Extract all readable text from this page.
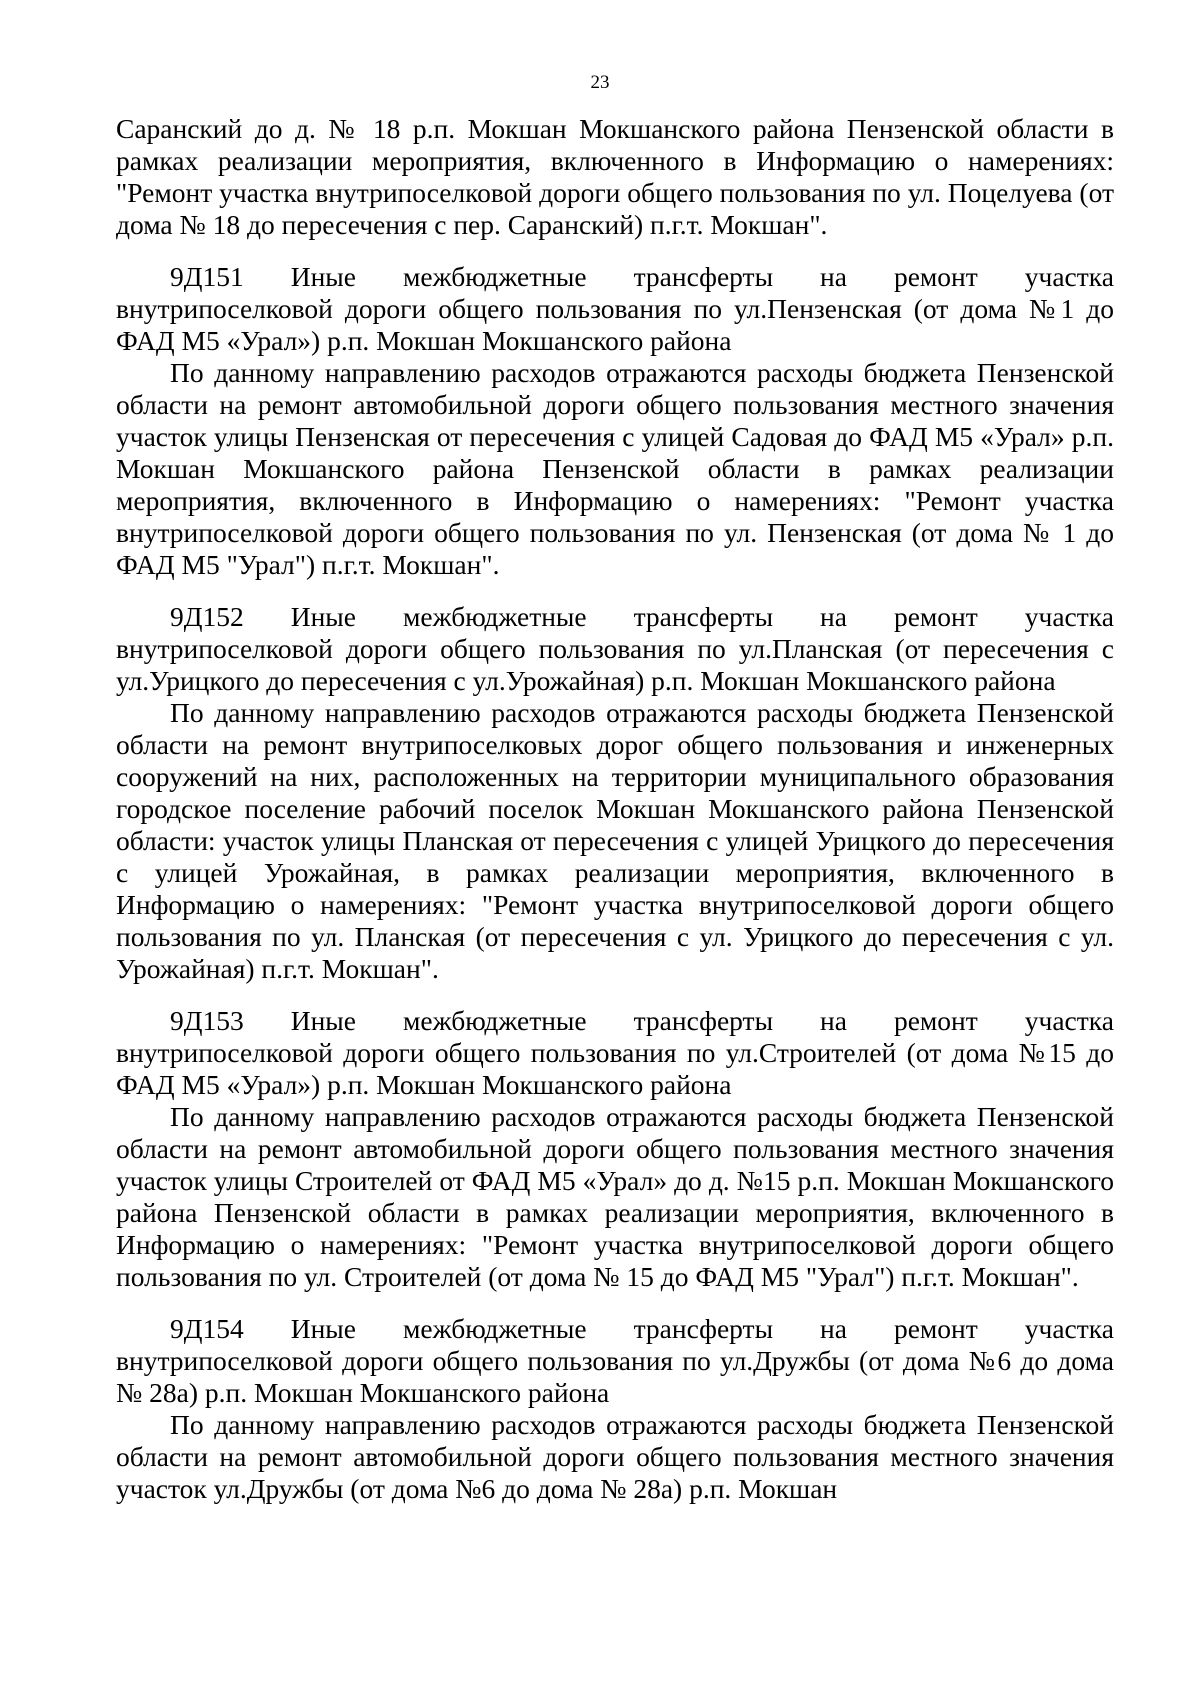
23

Саранский до д. № 18 р.п. Мокшан Мокшанского района Пензенской области в рамках реализации мероприятия, включенного в Информацию о намерениях: "Ремонт участка внутрипоселковой дороги общего пользования по ул. Поцелуева (от дома № 18 до пересечения с пер. Саранский) п.г.т. Мокшан".

9Д151 Иные межбюджетные трансферты на ремонт участка

внутрипоселковой дороги общего пользования по ул.Пензенская (от дома №1 до ФАД М5 «Урал») р.п. Мокшан Мокшанского района

По данному направлению расходов отражаются расходы бюджета Пензенской области на ремонт автомобильной дороги общего пользования местного значения участок улицы Пензенская от пересечения с улицей Садовая до ФАД М5 «Урал» р.п. Мокшан Мокшанского района Пензенской области в рамках реализации мероприятия, включенного в Информацию о намерениях: "Ремонт участка внутрипоселковой дороги общего пользования по ул. Пензенская (от дома № 1 до ФАД М5 "Урал") п.г.т. Мокшан".

9Д152 Иные межбюджетные трансферты на ремонт участка

внутрипоселковой дороги общего пользования по ул.Планская (от пересечения с ул.Урицкого до пересечения с ул.Урожайная) р.п. Мокшан Мокшанского района

По данному направлению расходов отражаются расходы бюджета Пензенской области на ремонт внутрипоселковых дорог общего пользования и инженерных сооружений на них, расположенных на территории муниципального образования городское поселение рабочий поселок Мокшан Мокшанского района Пензенской области: участок улицы Планская от пересечения с улицей Урицкого до пересечения с улицей Урожайная, в рамках реализации мероприятия, включенного в Информацию о намерениях: "Ремонт участка внутрипоселковой дороги общего пользования по ул. Планская (от пересечения с ул. Урицкого до пересечения с ул. Урожайная) п.г.т. Мокшан".

9Д153 Иные межбюджетные трансферты на ремонт участка

внутрипоселковой дороги общего пользования по ул.Строителей (от дома №15 до ФАД М5 «Урал») р.п. Мокшан Мокшанского района

По данному направлению расходов отражаются расходы бюджета Пензенской области на ремонт автомобильной дороги общего пользования местного значения участок улицы Строителей от ФАД М5 «Урал» до д. №15 р.п. Мокшан Мокшанского района Пензенской области в рамках реализации мероприятия, включенного в Информацию о намерениях: "Ремонт участка внутрипоселковой дороги общего пользования по ул. Строителей (от дома № 15 до ФАД М5 "Урал") п.г.т. Мокшан".

9Д154 Иные межбюджетные трансферты на ремонт участка

внутрипоселковой дороги общего пользования по ул.Дружбы (от дома №6 до дома № 28а) р.п. Мокшан Мокшанского района

По данному направлению расходов отражаются расходы бюджета Пензенской области на ремонт автомобильной дороги общего пользования местного значения участок ул.Дружбы (от дома №6 до дома № 28а) р.п. Мокшан
